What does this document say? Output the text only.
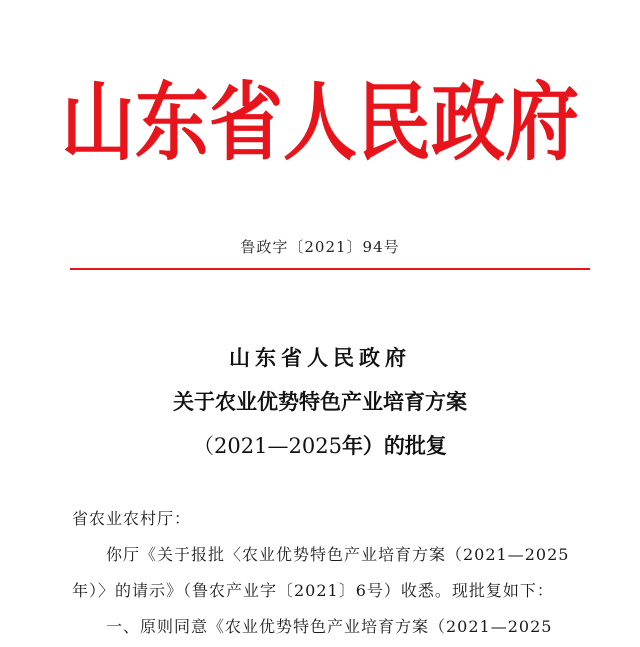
山东省人民政府
鲁政字〔2021〕94号
山东省人民政府
关于农业优势特色产业培育方案
（2021—2025年）的批复
省农业农村厅：
你厅《关于报批〈农业优势特色产业培育方案（2021—2025
年）〉的请示》（鲁农产业字〔2021〕6号）收悉。现批复如下：
一、原则同意《农业优势特色产业培育方案（2021—2025
